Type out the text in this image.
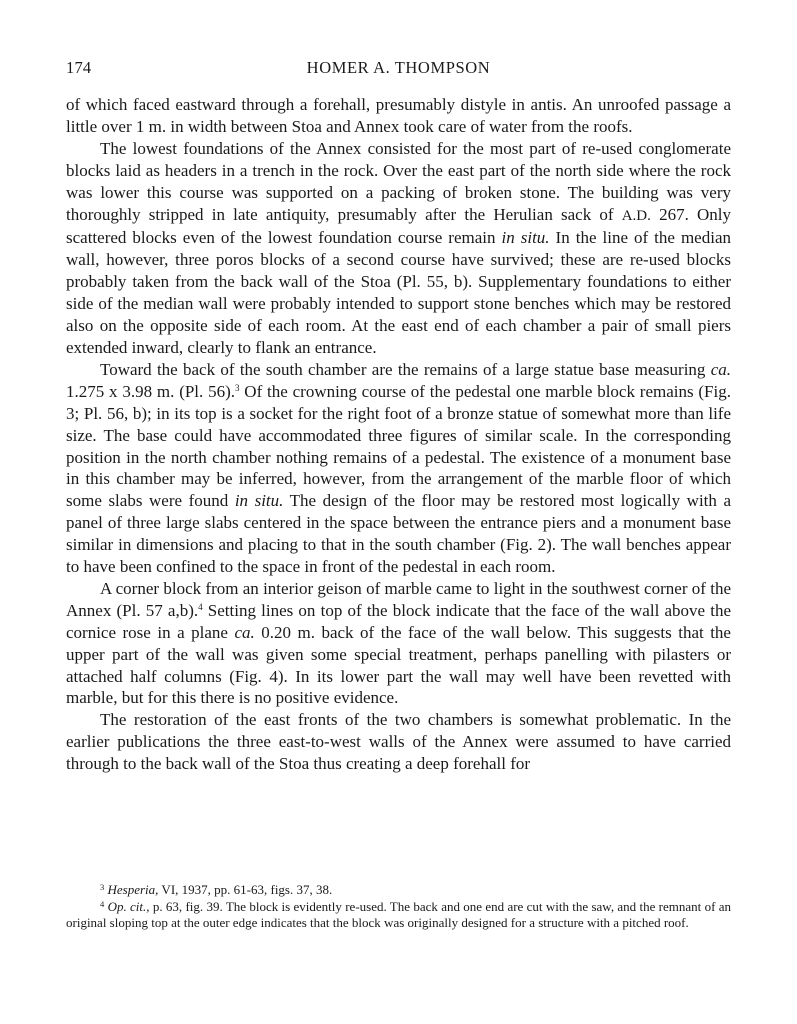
174	HOMER A. THOMPSON

of which faced eastward through a forehall, presumably distyle in antis. An unroofed passage a little over 1 m. in width between Stoa and Annex took care of water from the roofs.

The lowest foundations of the Annex consisted for the most part of re-used conglomerate blocks laid as headers in a trench in the rock. Over the east part of the north side where the rock was lower this course was supported on a packing of broken stone. The building was very thoroughly stripped in late antiquity, presumably after the Herulian sack of A.D. 267. Only scattered blocks even of the lowest foundation course remain in situ. In the line of the median wall, however, three poros blocks of a second course have survived; these are re-used blocks probably taken from the back wall of the Stoa (Pl. 55, b). Supplementary foundations to either side of the median wall were probably intended to support stone benches which may be restored also on the opposite side of each room. At the east end of each chamber a pair of small piers extended inward, clearly to flank an entrance.

Toward the back of the south chamber are the remains of a large statue base measuring ca. 1.275 x 3.98 m. (Pl. 56).$^3$ Of the crowning course of the pedestal one marble block remains (Fig. 3; Pl. 56, b); in its top is a socket for the right foot of a bronze statue of somewhat more than life size. The base could have accommodated three figures of similar scale. In the corresponding position in the north chamber nothing remains of a pedestal. The existence of a monument base in this chamber may be inferred, however, from the arrangement of the marble floor of which some slabs were found in situ. The design of the floor may be restored most logically with a panel of three large slabs centered in the space between the entrance piers and a monument base similar in dimensions and placing to that in the south chamber (Fig. 2). The wall benches appear to have been confined to the space in front of the pedestal in each room.

A corner block from an interior geison of marble came to light in the southwest corner of the Annex (Pl. 57 a,b).$^4$ Setting lines on top of the block indicate that the face of the wall above the cornice rose in a plane ca. 0.20 m. back of the face of the wall below. This suggests that the upper part of the wall was given some special treatment, perhaps panelling with pilasters or attached half columns (Fig. 4). In its lower part the wall may well have been revetted with marble, but for this there is no positive evidence.

The restoration of the east fronts of the two chambers is somewhat problematic. In the earlier publications the three east-to-west walls of the Annex were assumed to have carried through to the back wall of the Stoa thus creating a deep forehall for

$^3$ Hesperia, VI, 1937, pp. 61-63, figs. 37, 38.

$^4$ Op. cit., p. 63, fig. 39. The block is evidently re-used. The back and one end are cut with the saw, and the remnant of an original sloping top at the outer edge indicates that the block was originally designed for a structure with a pitched roof.
